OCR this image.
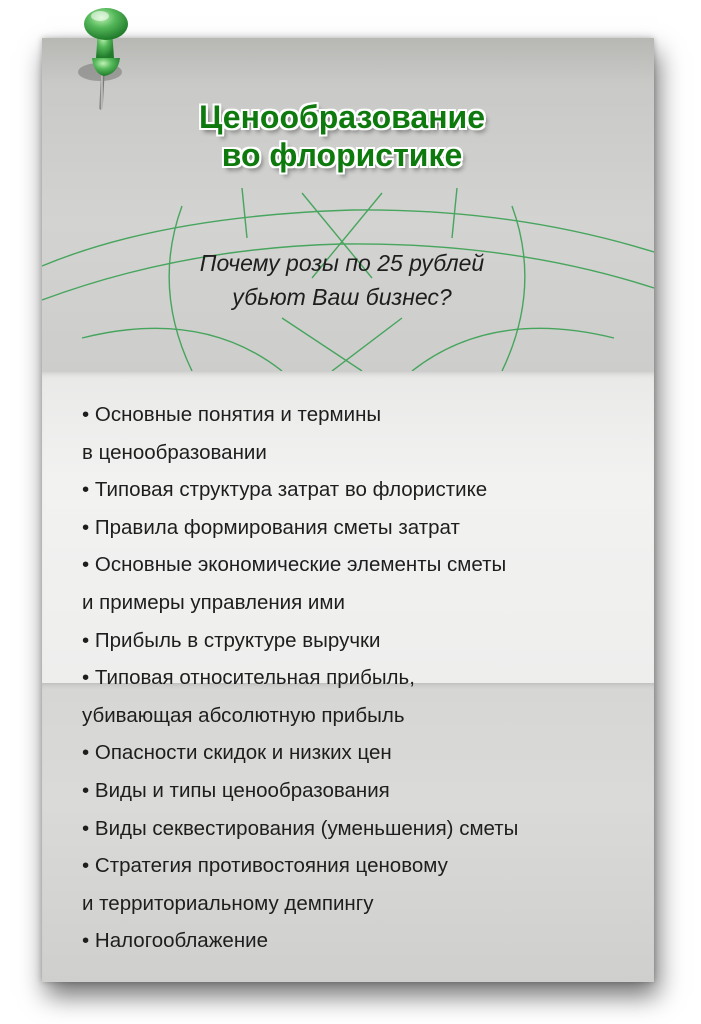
Ценообразование
во флористике
Почему розы по 25 рублей
убьют Ваш бизнес?
• Основные понятия и термины
в ценообразовании
• Типовая структура затрат во флористике
• Правила формирования сметы затрат
• Основные экономические элементы сметы
и примеры управления ими
• Прибыль в структуре выручки
• Типовая относительная прибыль,
убивающая абсолютную прибыль
• Опасности скидок и низких цен
• Виды и типы ценообразования
• Виды секвестирования (уменьшения) сметы
• Стратегия противостояния ценовому
и территориальному демпингу
• Налогооблажение
